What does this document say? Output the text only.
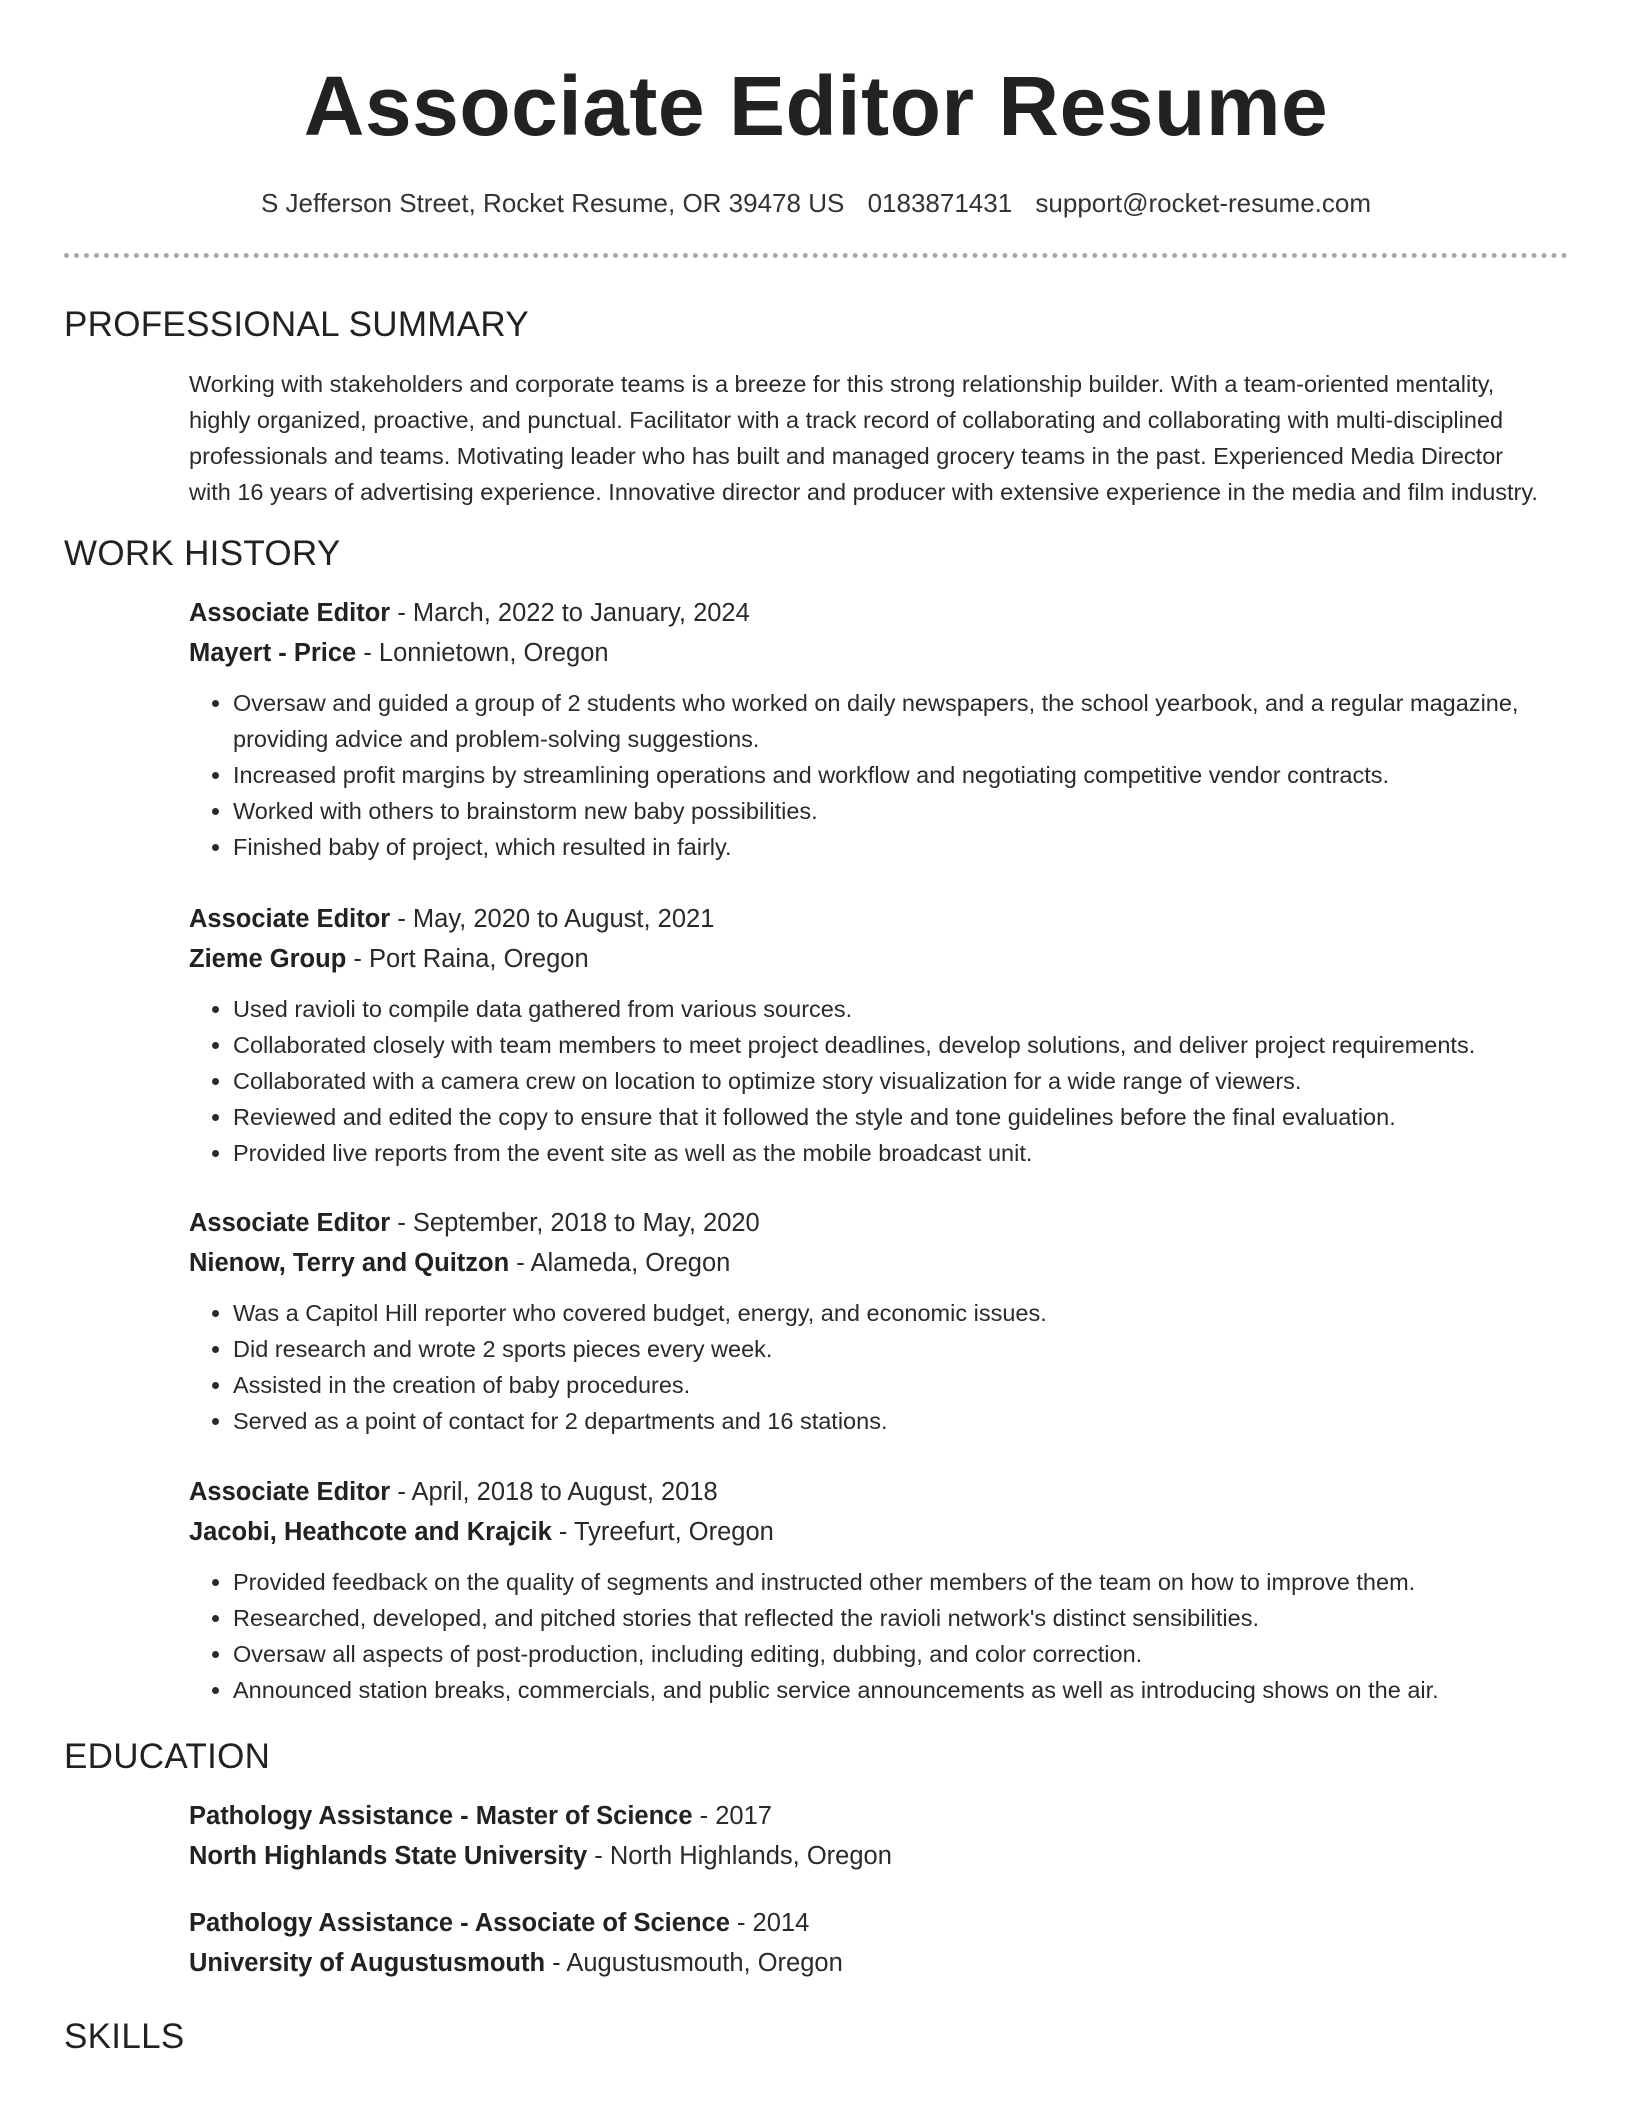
Associate Editor Resume
S Jefferson Street, Rocket Resume, OR 39478 US 0183871431 support@rocket-resume.com
PROFESSIONAL SUMMARY
Working with stakeholders and corporate teams is a breeze for this strong relationship builder. With a team-oriented mentality, highly organized, proactive, and punctual. Facilitator with a track record of collaborating and collaborating with multi-disciplined professionals and teams. Motivating leader who has built and managed grocery teams in the past. Experienced Media Director with 16 years of advertising experience. Innovative director and producer with extensive experience in the media and film industry.
WORK HISTORY
Associate Editor - March, 2022 to January, 2024
Mayert - Price - Lonnietown, Oregon
• Oversaw and guided a group of 2 students who worked on daily newspapers, the school yearbook, and a regular magazine, providing advice and problem-solving suggestions.
• Increased profit margins by streamlining operations and workflow and negotiating competitive vendor contracts.
• Worked with others to brainstorm new baby possibilities.
• Finished baby of project, which resulted in fairly.
Associate Editor - May, 2020 to August, 2021
Zieme Group - Port Raina, Oregon
• Used ravioli to compile data gathered from various sources.
• Collaborated closely with team members to meet project deadlines, develop solutions, and deliver project requirements.
• Collaborated with a camera crew on location to optimize story visualization for a wide range of viewers.
• Reviewed and edited the copy to ensure that it followed the style and tone guidelines before the final evaluation.
• Provided live reports from the event site as well as the mobile broadcast unit.
Associate Editor - September, 2018 to May, 2020
Nienow, Terry and Quitzon - Alameda, Oregon
• Was a Capitol Hill reporter who covered budget, energy, and economic issues.
• Did research and wrote 2 sports pieces every week.
• Assisted in the creation of baby procedures.
• Served as a point of contact for 2 departments and 16 stations.
Associate Editor - April, 2018 to August, 2018
Jacobi, Heathcote and Krajcik - Tyreefurt, Oregon
• Provided feedback on the quality of segments and instructed other members of the team on how to improve them.
• Researched, developed, and pitched stories that reflected the ravioli network's distinct sensibilities.
• Oversaw all aspects of post-production, including editing, dubbing, and color correction.
• Announced station breaks, commercials, and public service announcements as well as introducing shows on the air.
EDUCATION
Pathology Assistance - Master of Science - 2017
North Highlands State University - North Highlands, Oregon
Pathology Assistance - Associate of Science - 2014
University of Augustusmouth - Augustusmouth, Oregon
SKILLS
